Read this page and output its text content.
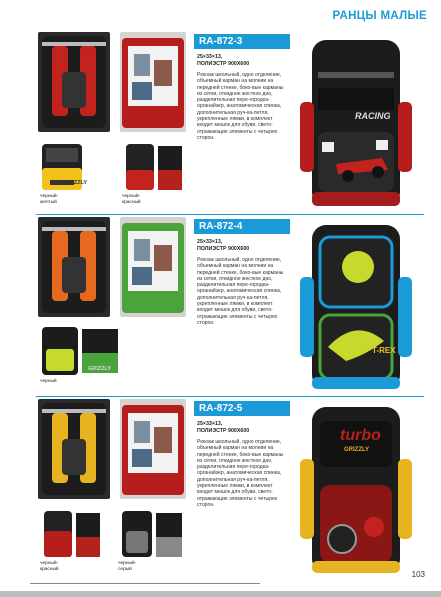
РАНЦЫ МАЛЫЕ
GRIZZLY
черный-желтый
черный-красный
RA-872-3
25×33×13,
ПОЛИЭСТР 900X600
Рюкзак школьный, одно отделение, объемный карман на молнии на передней стенке, боко-вые карманы из сетки, откидное жесткое дно, разделительная пере-городка-органайзер, анатомическая спинка, дополнительная руч-ка-петля, укрепленные лямки, в комплект входит мешок для обуви, свето-отражающие элементы с четырех сторон.
RACING
GRIZZLY
черный
RA-872-4
25×33×13,
ПОЛИЭСТР 900X600
Рюкзак школьный, одно отделение, объемный карман на молнии на передней стенке, боко-вые карманы из сетки, откидное жесткое дно, разделительная пере-городка-органайзер, анатомическая спинка, дополнительная руч-ка-петля, укрепленные лямки, в комплект входит мешок для обуви, свето-отражающие элементы с четырех сторон.
T-REX
черный-красный
черный-серый
RA-872-5
25×33×13,
ПОЛИЭСТР 900X600
Рюкзак школьный, одно отделение, объемный карман на молнии на передней стенке, боко-вые карманы из сетки, откидное жесткое дно, разделительная пере-городка-органайзер, анатомическая спинка, дополнительная руч-ка-петля, укрепленные лямки, в комплект входит мешок для обуви, свето-отражающие элементы с четырех сторон.
turbo
GRIZZLY
103
